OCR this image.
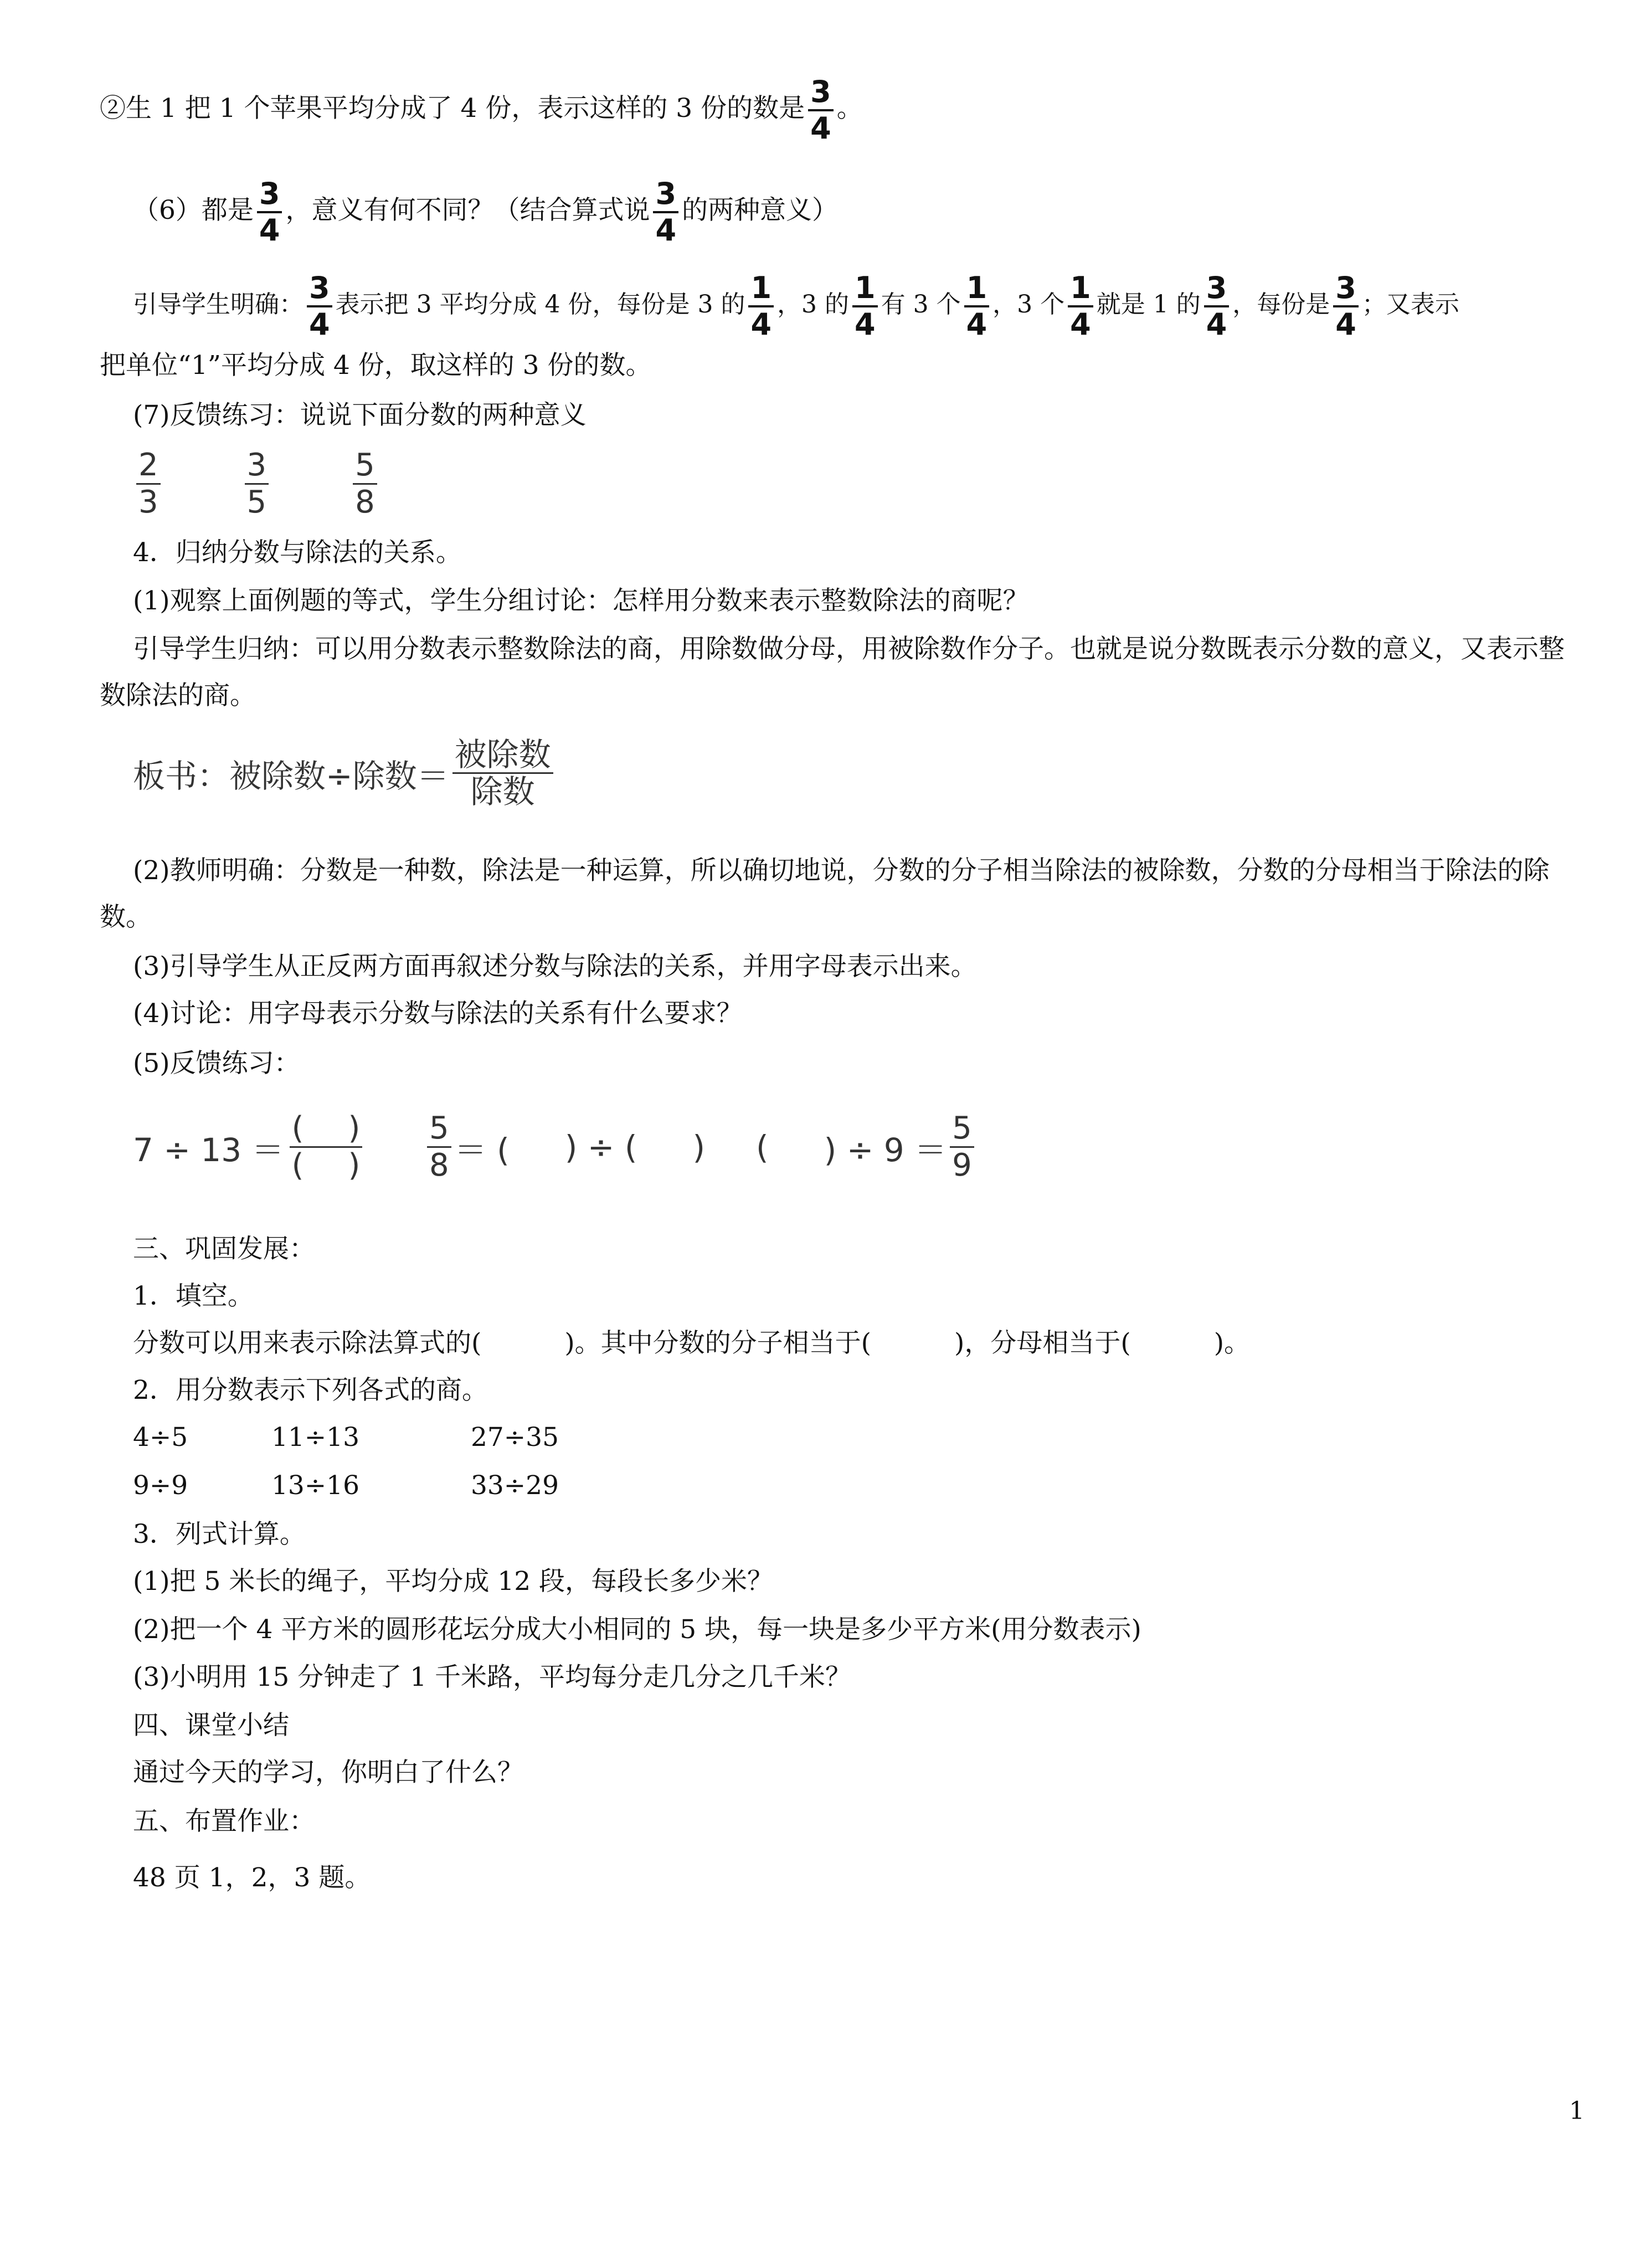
②生 1 把 1 个苹果平均分成了 4 份，表示这样的 3 份的数是 $\frac{3}{4}$ 。
（6）都是 $\frac{3}{4}$ ，意义有何不同？（结合算式说 $\frac{3}{4}$ 的两种意义）
引导学生明确： $\frac{3}{4}$ 表示把 3 平均分成 4 份，每份是 3 的 $\frac{1}{4}$ ，3 的 $\frac{1}{4}$ 有 3 个 $\frac{1}{4}$ ，3 个 $\frac{1}{4}$ 就是 1 的 $\frac{3}{4}$ ，每份是 $\frac{3}{4}$ ；又表示
把单位“1”平均分成 4 份，取这样的 3 份的数。
(7)反馈练习：说说下面分数的两种意义
$\frac{2}{3}$
	$\frac{3}{5}$
	$\frac{5}{8}$
4．归纳分数与除法的关系。
(1)观察上面例题的等式，学生分组讨论：怎样用分数来表示整数除法的商呢？
引导学生归纳：可以用分数表示整数除法的商，用除数做分母，用被除数作分子。也就是说分数既表示分数的意义，又表示整数除法的商。
板书：被除数÷除数＝ $\frac{\text{被除数}}{\text{除数}}$
(2)教师明确：分数是一种数，除法是一种运算，所以确切地说，分数的分子相当除法的被除数，分数的分母相当于除法的除数。
(3)引导学生从正反两方面再叙述分数与除法的关系，并用字母表示出来。
(4)讨论：用字母表示分数与除法的关系有什么要求？
(5)反馈练习：
$7 \div 13 = \frac{( )}{( )} \frac{5}{8}$ ＝ ( ) ÷ ( ) ( ) ÷ $9 = \frac{5}{9}$
三、巩固发展：
1．填空。
分数可以用来表示除法算式的(	)。其中分数的分子相当于(	)，分母相当于(	)。
2．用分数表示下列各式的商。
4÷5	11÷13	27÷35
9÷9	13÷16	33÷29
3．列式计算。
(1)把 5 米长的绳子，平均分成 12 段，每段长多少米？
(2)把一个 4 平方米的圆形花坛分成大小相同的 5 块，每一块是多少平方米(用分数表示)
(3)小明用 15 分钟走了 1 千米路，平均每分走几分之几千米？
四、课堂小结
通过今天的学习，你明白了什么？
五、布置作业：
48 页 1，2，3 题。
1
